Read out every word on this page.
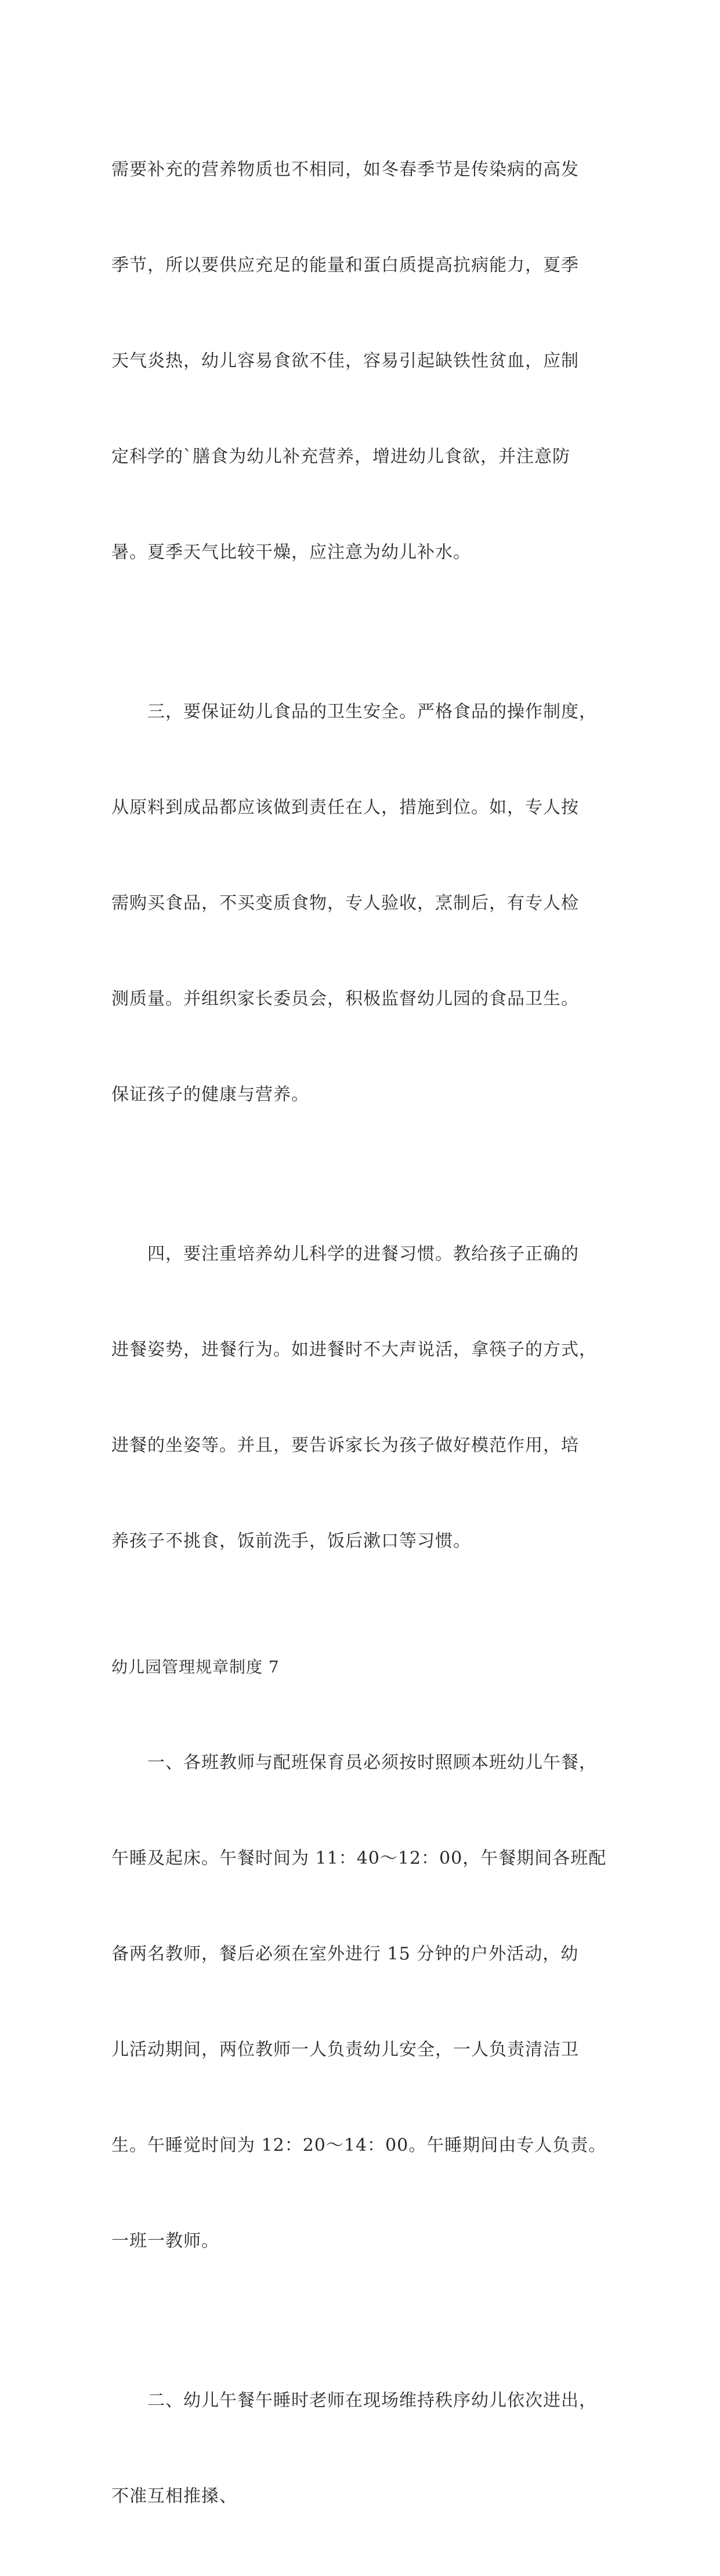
需要补充的营养物质也不相同，如冬春季节是传染病的高发

季节，所以要供应充足的能量和蛋白质提高抗病能力，夏季

天气炎热，幼儿容易食欲不佳，容易引起缺铁性贫血，应制

定科学的`膳食为幼儿补充营养，增进幼儿食欲，并注意防

暑。夏季天气比较干燥，应注意为幼儿补水。

三，要保证幼儿食品的卫生安全。严格食品的操作制度，

从原料到成品都应该做到责任在人，措施到位。如，专人按

需购买食品，不买变质食物，专人验收，烹制后，有专人检

测质量。并组织家长委员会，积极监督幼儿园的食品卫生。

保证孩子的健康与营养。

四，要注重培养幼儿科学的进餐习惯。教给孩子正确的

进餐姿势，进餐行为。如进餐时不大声说活，拿筷子的方式，

进餐的坐姿等。并且，要告诉家长为孩子做好模范作用，培

养孩子不挑食，饭前洗手，饭后漱口等习惯。

幼儿园管理规章制度 7

一、各班教师与配班保育员必须按时照顾本班幼儿午餐，

午睡及起床。午餐时间为 11：40～12：00，午餐期间各班配

备两名教师，餐后必须在室外进行 15 分钟的户外活动，幼

儿活动期间，两位教师一人负责幼儿安全，一人负责清洁卫

生。午睡觉时间为 12：20～14：00。午睡期间由专人负责。

一班一教师。

二、幼儿午餐午睡时老师在现场维持秩序幼儿依次进出，

不准互相推搡、
